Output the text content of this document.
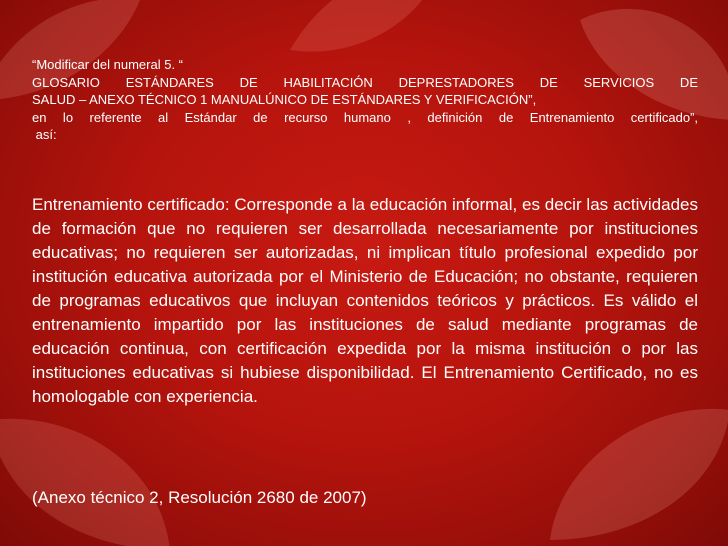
“Modificar del numeral 5. “
GLOSARIO ESTÁNDARES DE HABILITACIÓN DEPRESTADORES DE SERVICIOS DE
SALUD – ANEXO TÉCNICO 1 MANUALÚNICO DE ESTÁNDARES Y VERIFICACIÓN”,
en lo referente al Estándar de recurso humano , definición de Entrenamiento certificado”,
así:
Entrenamiento certificado: Corresponde a la educación informal, es decir las actividades de formación que no requieren ser desarrollada necesariamente por instituciones educativas; no requieren ser autorizadas, ni implican título profesional expedido por institución educativa autorizada por el Ministerio de Educación; no obstante, requieren de programas educativos que incluyan contenidos teóricos y prácticos. Es válido el entrenamiento impartido por las instituciones de salud mediante programas de educación continua, con certificación expedida por la misma institución o por las instituciones educativas si hubiese disponibilidad. El Entrenamiento Certificado, no es homologable con experiencia.
(Anexo técnico 2, Resolución 2680 de 2007)
